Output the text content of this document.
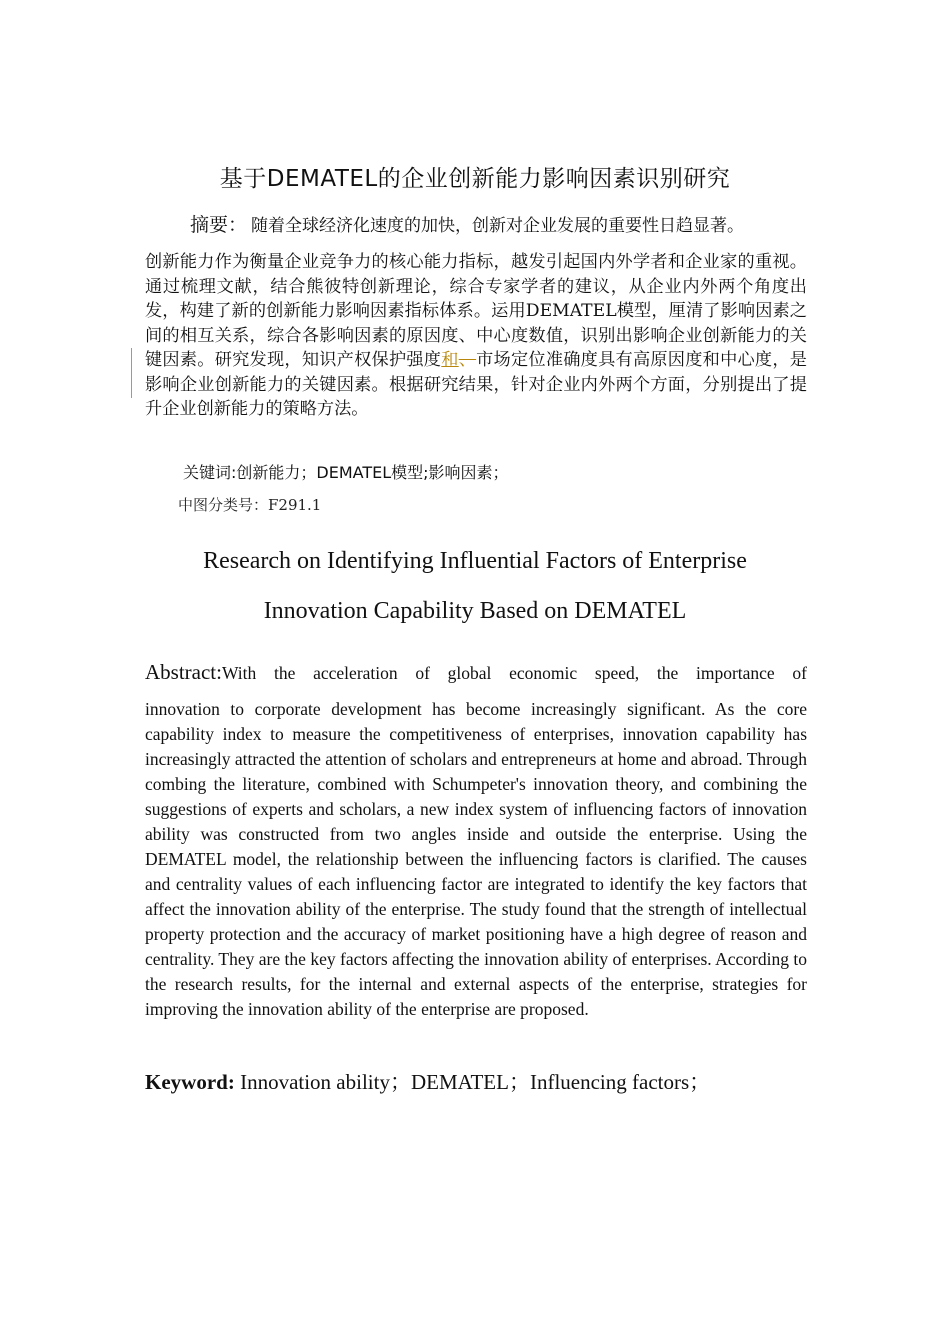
基于DEMATEL的企业创新能力影响因素识别研究
摘要： 随着全球经济化速度的加快，创新对企业发展的重要性日趋显著。
创新能力作为衡量企业竞争力的核心能力指标，越发引起国内外学者和企业家的重视。通过梳理文献，结合熊彼特创新理论，综合专家学者的建议，从企业内外两个角度出发，构建了新的创新能力影响因素指标体系。运用DEMATEL模型，厘清了影响因素之间的相互关系，综合各影响因素的原因度、中心度数值，识别出影响企业创新能力的关键因素。研究发现，知识产权保护强度和、市场定位准确度具有高原因度和中心度，是影响企业创新能力的关键因素。根据研究结果，针对企业内外两个方面，分别提出了提升企业创新能力的策略方法。
关键词:创新能力；DEMATEL模型;影响因素；
中图分类号：F291.1
Research on Identifying Influential Factors of Enterprise
Innovation Capability Based on DEMATEL
Abstract:With the acceleration of global economic speed, the importance of
innovation to corporate development has become increasingly significant. As the core capability index to measure the competitiveness of enterprises, innovation capability has increasingly attracted the attention of scholars and entrepreneurs at home and abroad. Through combing the literature, combined with Schumpeter's innovation theory, and combining the suggestions of experts and scholars, a new index system of influencing factors of innovation ability was constructed from two angles inside and outside the enterprise. Using the DEMATEL model, the relationship between the influencing factors is clarified. The causes and centrality values of each influencing factor are integrated to identify the key factors that affect the innovation ability of the enterprise. The study found that the strength of intellectual property protection and the accuracy of market positioning have a high degree of reason and centrality. They are the key factors affecting the innovation ability of enterprises. According to the research results, for the internal and external aspects of the enterprise, strategies for improving the innovation ability of the enterprise are proposed.
Keyword: Innovation ability；DEMATEL；Influencing factors；
